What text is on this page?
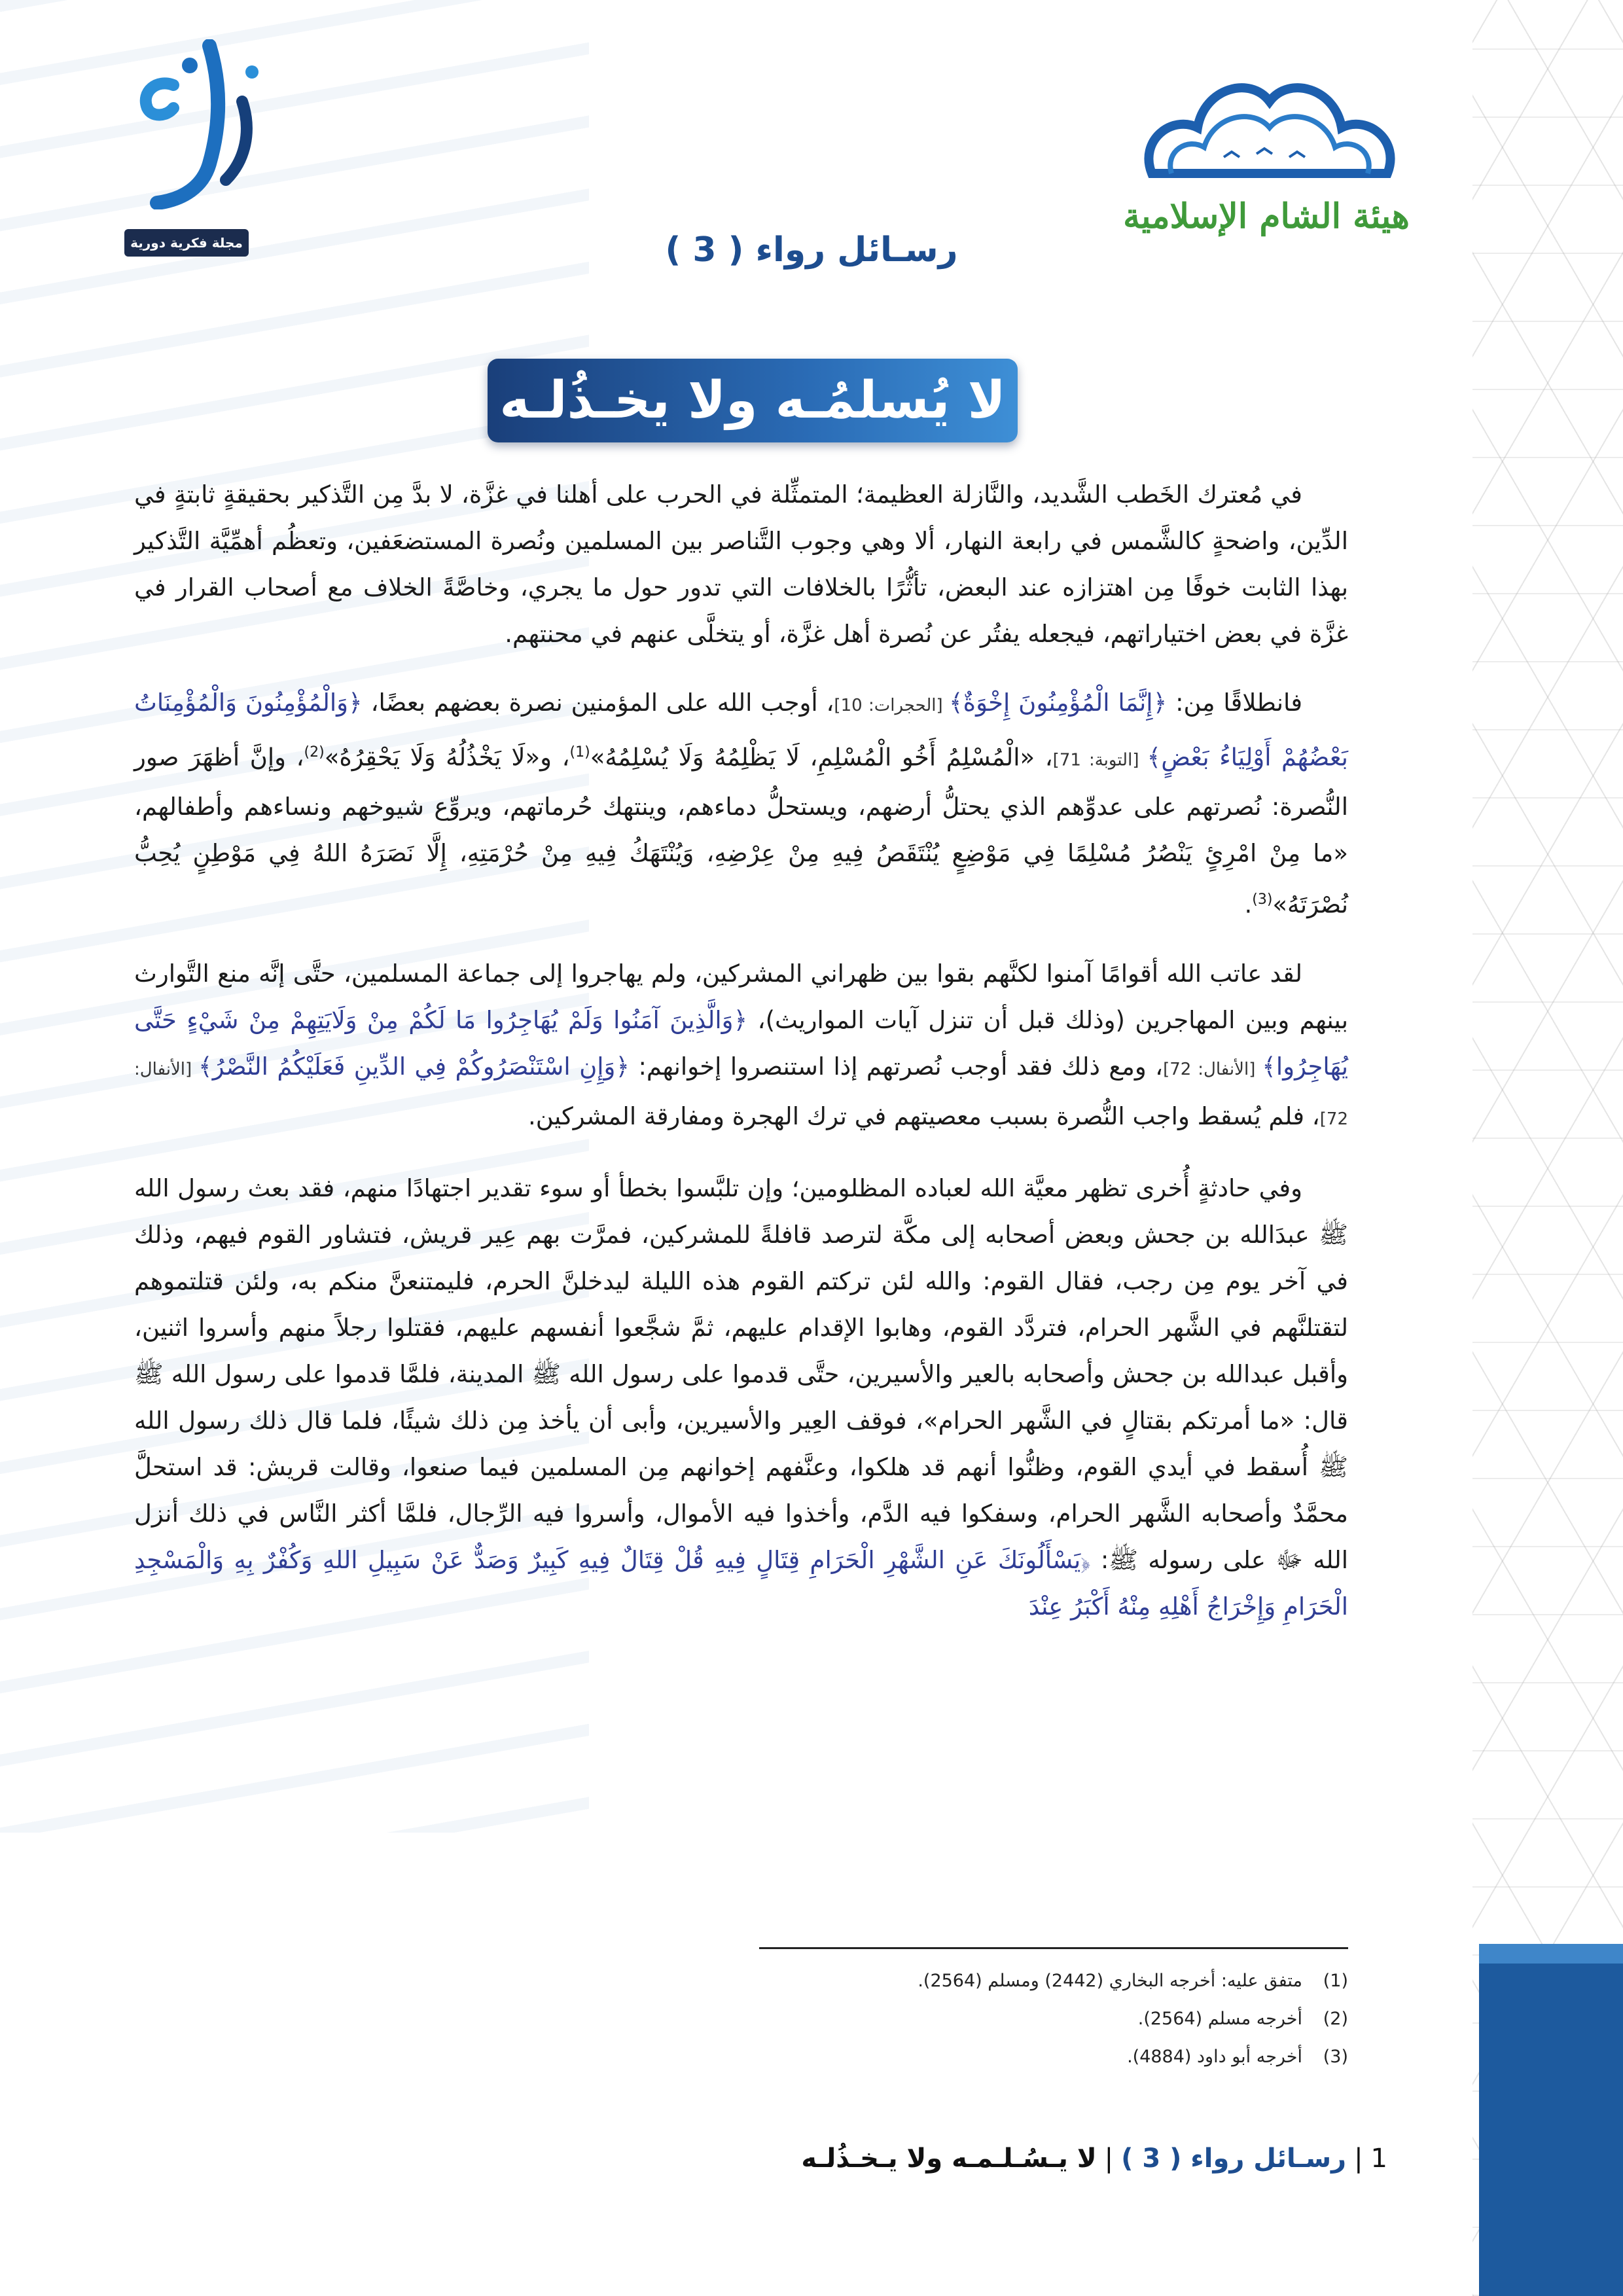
مجلة فكرية دورية
هيئة الشام الإسلامية
رسـائل رواء ( 3 )
لا يُسلمُـه ولا يخـذُلـه

في مُعترك الخَطب الشَّديد، والنَّازلة العظيمة؛ المتمثِّلة في الحرب على أهلنا في غزَّة، لا بدَّ مِن التَّذكير بحقيقةٍ ثابتةٍ في الدِّين، واضحةٍ كالشَّمس في رابعة النهار، ألا وهي وجوب التَّناصر بين المسلمين ونُصرة المستضعَفين، وتعظُم أهمِّيَّة التَّذكير بهذا الثابت خوفًا مِن اهتزازه عند البعض، تأثُّرًا بالخلافات التي تدور حول ما يجري، وخاصَّةً الخلاف مع أصحاب القرار في غزَّة في بعض اختياراتهم، فيجعله يفتُر عن نُصرة أهل غزَّة، أو يتخلَّى عنهم في محنتهم.

فانطلاقًا مِن: ﴿إِنَّمَا الْمُؤْمِنُونَ إِخْوَةٌ﴾ [الحجرات: 10]، أوجب الله على المؤمنين نصرة بعضهم بعضًا، ﴿وَالْمُؤْمِنُونَ وَالْمُؤْمِنَاتُ بَعْضُهُمْ أَوْلِيَاءُ بَعْضٍ﴾ [التوبة: 71]، «الْمُسْلِمُ أَخُو الْمُسْلِمِ، لَا يَظْلِمُهُ وَلَا يُسْلِمُهُ»$^{(1)}$، و«لَا يَخْذُلُهُ وَلَا يَحْقِرُهُ»$^{(2)}$، وإنَّ أظهَرَ صور النُّصرة: نُصرتهم على عدوِّهم الذي يحتلُّ أرضهم، ويستحلُّ دماءهم، وينتهك حُرماتهم، ويروِّع شيوخهم ونساءهم وأطفالهم، «ما مِنْ امْرِئٍ يَنْصُرُ مُسْلِمًا فِي مَوْضِعٍ يُنْتَقَصُ فِيهِ مِنْ عِرْضِهِ، وَيُنْتَهَكُ فِيهِ مِنْ حُرْمَتِهِ، إِلَّا نَصَرَهُ اللهُ فِي مَوْطِنٍ يُحِبُّ نُصْرَتَهُ»$^{(3)}$.

لقد عاتب الله أقوامًا آمنوا لكنَّهم بقوا بين ظهراني المشركين، ولم يهاجروا إلى جماعة المسلمين، حتَّى إنَّه منع التَّوارث بينهم وبين المهاجرين (وذلك قبل أن تنزل آيات المواريث)، ﴿وَالَّذِينَ آمَنُوا وَلَمْ يُهَاجِرُوا مَا لَكُمْ مِنْ وَلَايَتِهِمْ مِنْ شَيْءٍ حَتَّى يُهَاجِرُوا﴾ [الأنفال: 72]، ومع ذلك فقد أوجب نُصرتهم إذا استنصروا إخوانهم: ﴿وَإِنِ اسْتَنْصَرُوكُمْ فِي الدِّينِ فَعَلَيْكُمُ النَّصْرُ﴾ [الأنفال: 72]، فلم يُسقط واجب النُّصرة بسبب معصيتهم في ترك الهجرة ومفارقة المشركين.

وفي حادثةٍ أُخرى تظهر معيَّة الله لعباده المظلومين؛ وإن تلبَّسوا بخطأ أو سوء تقدير اجتهادًا منهم، فقد بعث رسول الله ﷺ عبدَالله بن جحش وبعض أصحابه إلى مكَّة لترصد قافلةً للمشركين، فمرَّت بهم عِير قريش، فتشاور القوم فيهم، وذلك في آخر يوم مِن رجب، فقال القوم: والله لئن تركتم القوم هذه الليلة ليدخلنَّ الحرم، فليمتنعنَّ منكم به، ولئن قتلتموهم لتقتلنَّهم في الشَّهر الحرام، فتردَّد القوم، وهابوا الإقدام عليهم، ثمَّ شجَّعوا أنفسهم عليهم، فقتلوا رجلاً منهم وأسروا اثنين، وأقبل عبدالله بن جحش وأصحابه بالعير والأسيرين، حتَّى قدموا على رسول الله ﷺ المدينة، فلمَّا قدموا على رسول الله ﷺ قال: «ما أمرتكم بقتالٍ في الشَّهر الحرام»، فوقف العِير والأسيرين، وأبى أن يأخذ مِن ذلك شيئًا، فلما قال ذلك رسول الله ﷺ أُسقط في أيدي القوم، وظنُّوا أنهم قد هلكوا، وعنَّفهم إخوانهم مِن المسلمين فيما صنعوا، وقالت قريش: قد استحلَّ محمَّدٌ وأصحابه الشَّهر الحرام، وسفكوا فيه الدَّم، وأخذوا فيه الأموال، وأسروا فيه الرِّجال، فلمَّا أكثر النَّاس في ذلك أنزل الله ﷻ على رسوله ﷺ: ﴿يَسْأَلُونَكَ عَنِ الشَّهْرِ الْحَرَامِ قِتَالٍ فِيهِ قُلْ قِتَالٌ فِيهِ كَبِيرٌ وَصَدٌّ عَنْ سَبِيلِ اللهِ وَكُفْرٌ بِهِ وَالْمَسْجِدِ الْحَرَامِ وَإِخْرَاجُ أَهْلِهِ مِنْهُ أَكْبَرُ عِنْدَ

(1)متفق عليه: أخرجه البخاري (2442) ومسلم (2564).
(2)أخرجه مسلم (2564).
(3)أخرجه أبو داود (4884).
1|رسـائل رواء ( 3 )|لا يـسُـلـمـه ولا يـخـذُلـه
